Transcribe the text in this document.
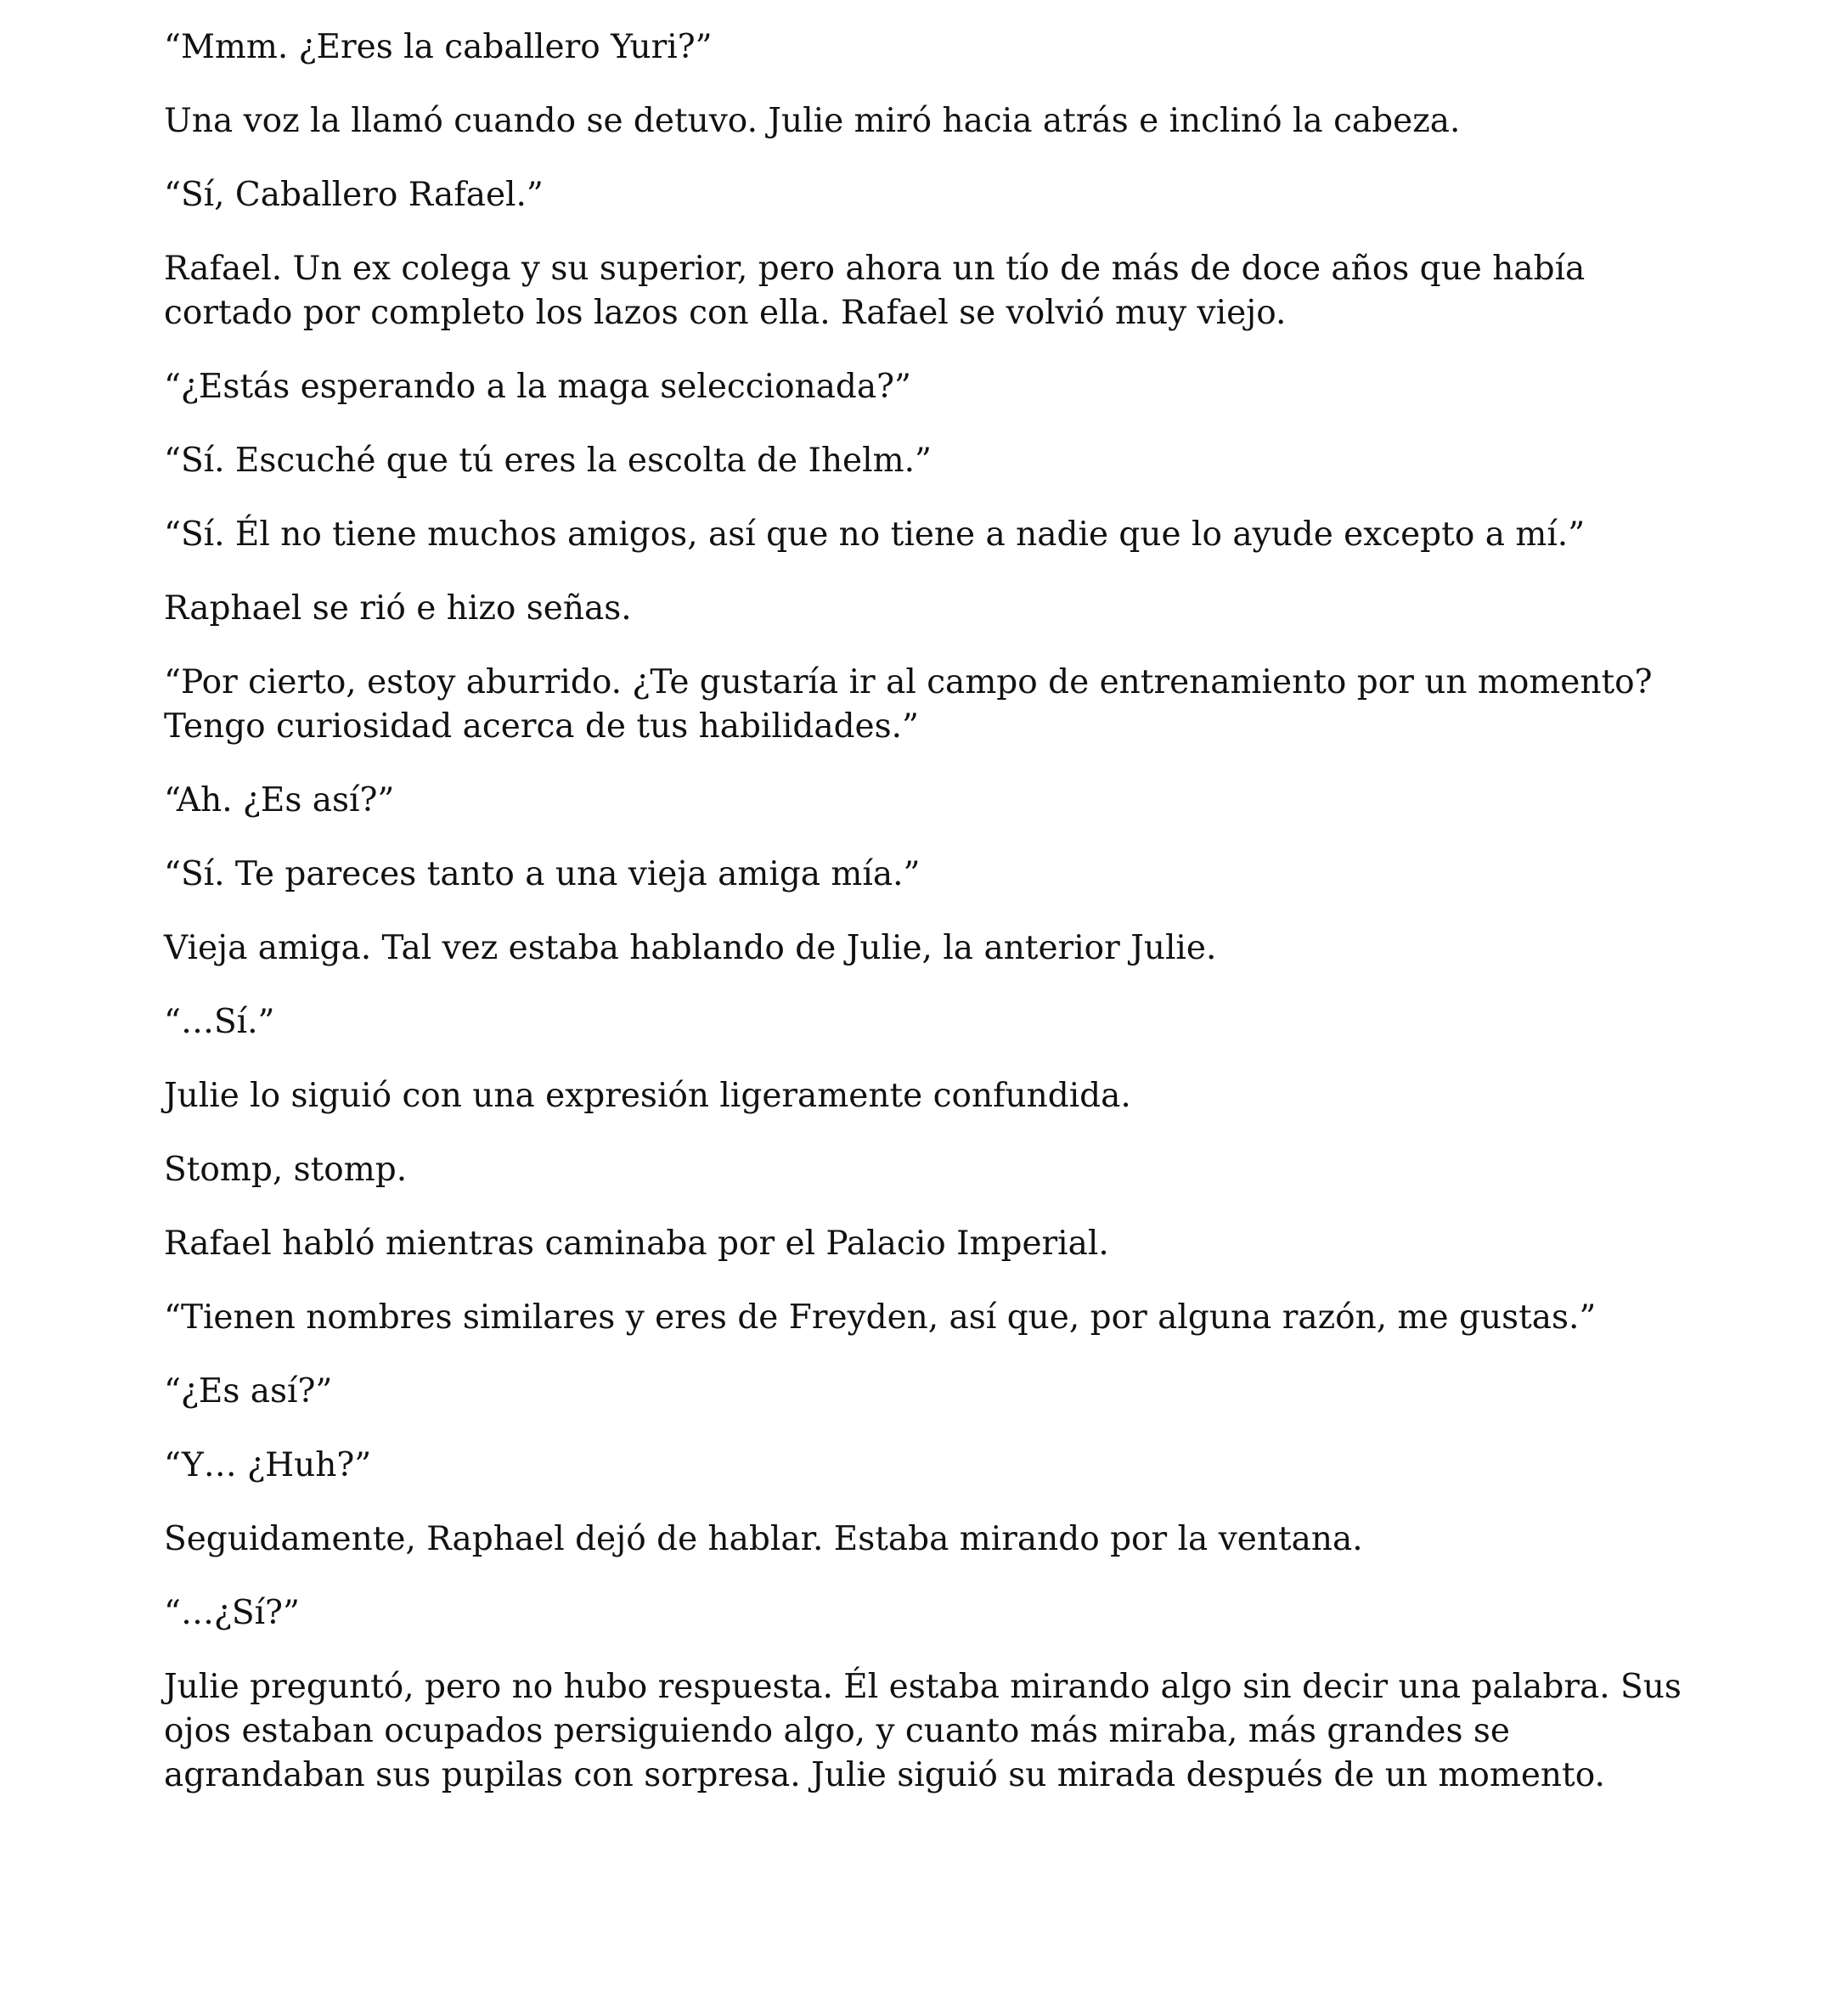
“Mmm. ¿Eres la caballero Yuri?”

Una voz la llamó cuando se detuvo. Julie miró hacia atrás e inclinó la cabeza.

“Sí, Caballero Rafael.”

Rafael. Un ex colega y su superior, pero ahora un tío de más de doce años que había cortado por completo los lazos con ella. Rafael se volvió muy viejo.

“¿Estás esperando a la maga seleccionada?”

“Sí. Escuché que tú eres la escolta de Ihelm.”

“Sí. Él no tiene muchos amigos, así que no tiene a nadie que lo ayude excepto a mí.”

Raphael se rió e hizo señas.

“Por cierto, estoy aburrido. ¿Te gustaría ir al campo de entrenamiento por un momento? Tengo curiosidad acerca de tus habilidades.”

“Ah. ¿Es así?”

“Sí. Te pareces tanto a una vieja amiga mía.”

Vieja amiga. Tal vez estaba hablando de Julie, la anterior Julie.

“…Sí.”

Julie lo siguió con una expresión ligeramente confundida.

Stomp, stomp.

Rafael habló mientras caminaba por el Palacio Imperial.

“Tienen nombres similares y eres de Freyden, así que, por alguna razón, me gustas.”

“¿Es así?”

“Y… ¿Huh?”

Seguidamente, Raphael dejó de hablar. Estaba mirando por la ventana.

“…¿Sí?”

Julie preguntó, pero no hubo respuesta. Él estaba mirando algo sin decir una palabra. Sus ojos estaban ocupados persiguiendo algo, y cuanto más miraba, más grandes se agrandaban sus pupilas con sorpresa. Julie siguió su mirada después de un momento.
